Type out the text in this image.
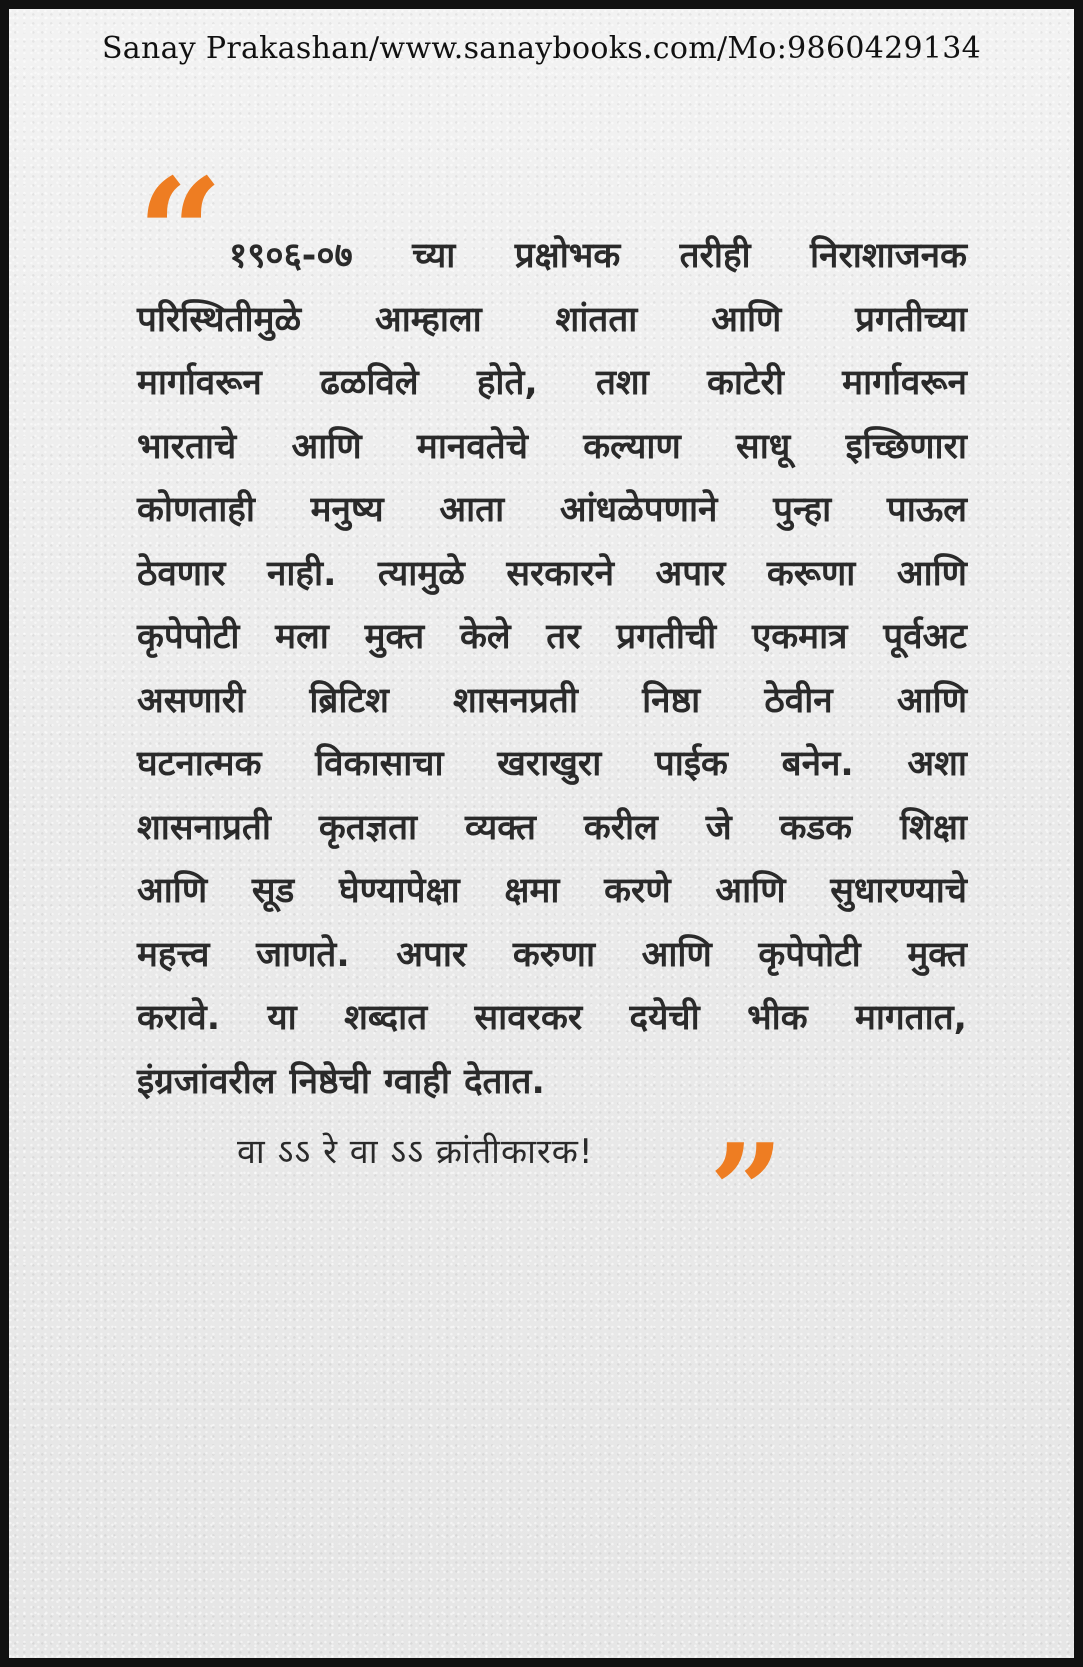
Sanay Prakashan/www.sanaybooks.com/Mo:9860429134
“ १९०६-०७ च्या प्रक्षोभक तरीही निराशाजनक
परिस्थितीमुळे आम्हाला शांतता आणि प्रगतीच्या
मार्गावरून ढळविले होते, तशा काटेरी मार्गावरून
भारताचे आणि मानवतेचे कल्याण साधू इच्छिणारा
कोणताही मनुष्य आता आंधळेपणाने पुन्हा पाऊल
ठेवणार नाही. त्यामुळे सरकारने अपार करूणा आणि
कृपेपोटी मला मुक्त केले तर प्रगतीची एकमात्र पूर्वअट
असणारी ब्रिटिश शासनप्रती निष्ठा ठेवीन आणि
घटनात्मक विकासाचा खराखुरा पाईक बनेन. अशा
शासनाप्रती कृतज्ञता व्यक्त करील जे कडक शिक्षा
आणि सूड घेण्यापेक्षा क्षमा करणे आणि सुधारण्याचे
महत्त्व जाणते. अपार करुणा आणि कृपेपोटी मुक्त
करावे. या शब्दात सावरकर दयेची भीक मागतात,
इंग्रजांवरील निष्ठेची ग्वाही देतात.
वा ऽऽ रे वा ऽऽ क्रांतीकारक! ”
